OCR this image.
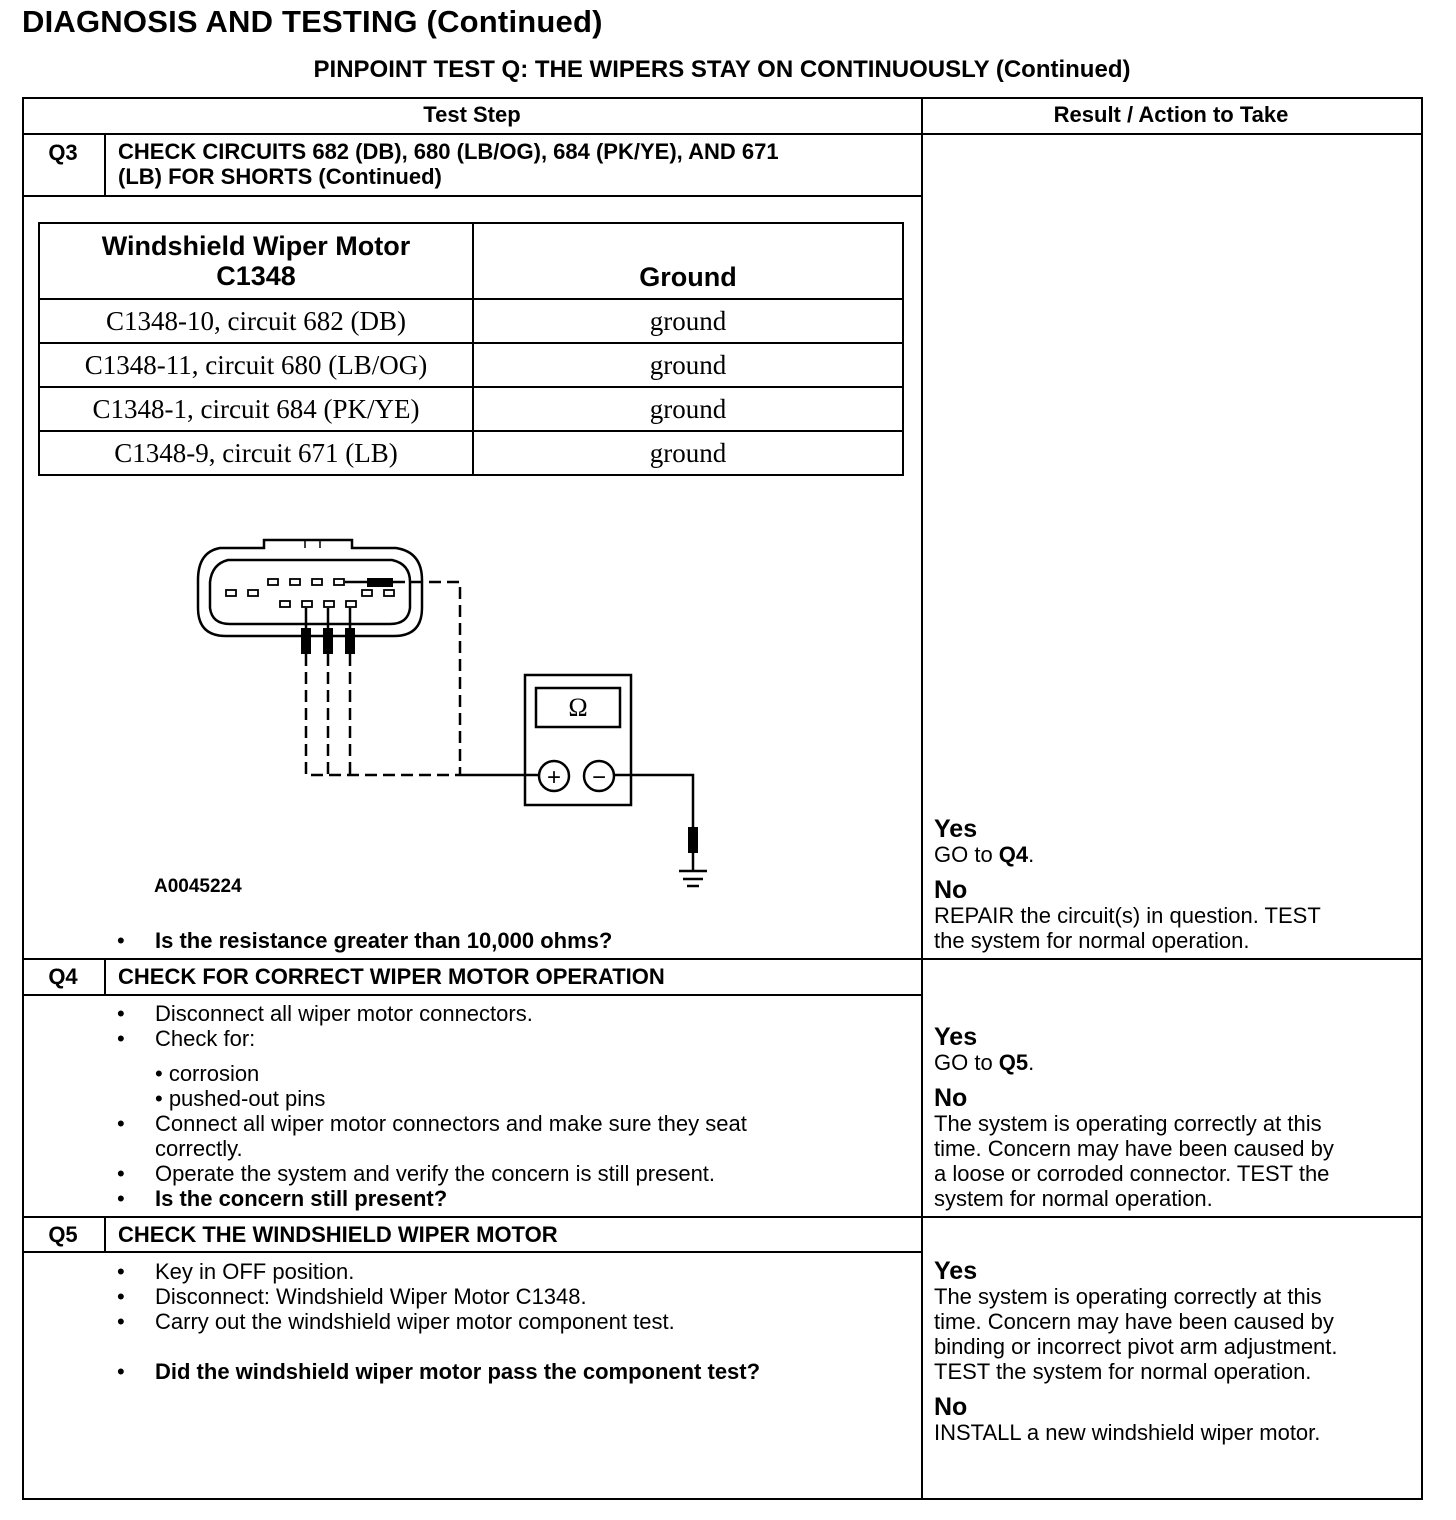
DIAGNOSIS AND TESTING (Continued)
PINPOINT TEST Q: THE WIPERS STAY ON CONTINUOUSLY (Continued)
Test Step	Result / Action to Take
Q3	CHECK CIRCUITS 682 (DB), 680 (LB/OG), 684 (PK/YE), AND 671
(LB) FOR SHORTS (Continued)
Windshield Wiper Motor
C1348	Ground
C1348-10, circuit 682 (DB)	ground
C1348-11, circuit 680 (LB/OG)	ground
C1348-1, circuit 684 (PK/YE)	ground
C1348-9, circuit 671 (LB)	ground
Ω
+ −
A0045224
• Is the resistance greater than 10,000 ohms?
Yes
GO to Q4.
No
REPAIR the circuit(s) in question. TEST
the system for normal operation.
Q4	CHECK FOR CORRECT WIPER MOTOR OPERATION
• Disconnect all wiper motor connectors.
• Check for:
• corrosion
• pushed-out pins
• Connect all wiper motor connectors and make sure they seat
correctly.
• Operate the system and verify the concern is still present.
• Is the concern still present?
Yes
GO to Q5.
No
The system is operating correctly at this
time. Concern may have been caused by
a loose or corroded connector. TEST the
system for normal operation.
Q5	CHECK THE WINDSHIELD WIPER MOTOR
• Key in OFF position.
• Disconnect: Windshield Wiper Motor C1348.
• Carry out the windshield wiper motor component test.
• Did the windshield wiper motor pass the component test?
Yes
The system is operating correctly at this
time. Concern may have been caused by
binding or incorrect pivot arm adjustment.
TEST the system for normal operation.
No
INSTALL a new windshield wiper motor.
